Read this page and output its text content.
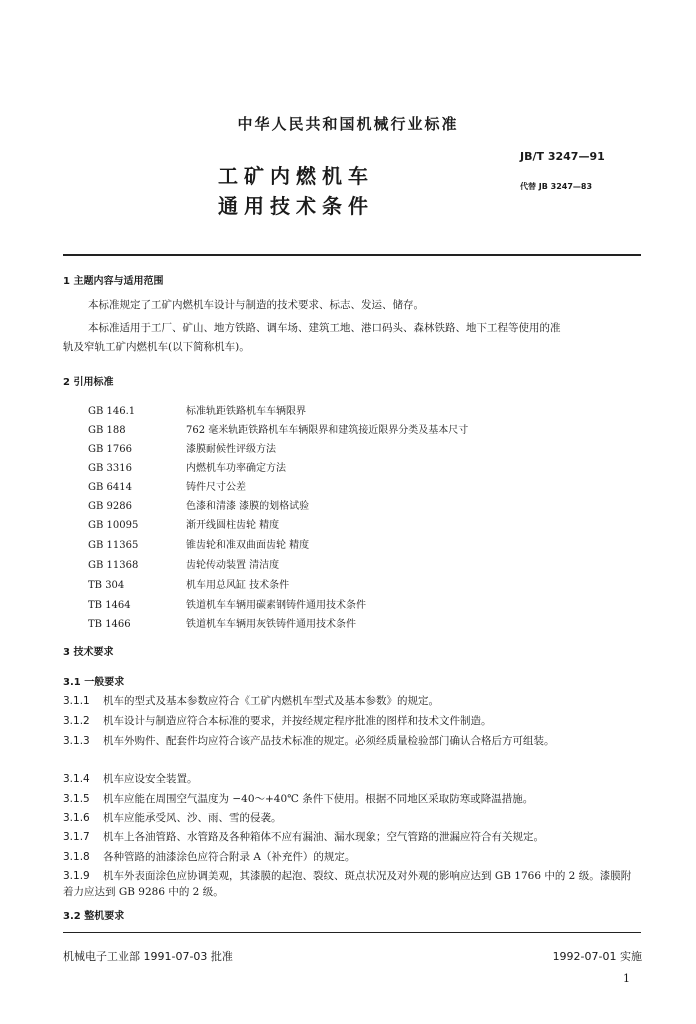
中华人民共和国机械行业标准
工矿内燃机车
通用技术条件
JB/T 3247—91
代替 JB 3247—83
1 主题内容与适用范围
本标准规定了工矿内燃机车设计与制造的技术要求、标志、发运、储存。
本标准适用于工厂、矿山、地方铁路、调车场、建筑工地、港口码头、森林铁路、地下工程等使用的准
轨及窄轨工矿内燃机车(以下简称机车)。
2 引用标准
GB 146.1	标准轨距铁路机车车辆限界
GB 188	762 毫米轨距铁路机车车辆限界和建筑接近限界分类及基本尺寸
GB 1766	漆膜耐候性评级方法
GB 3316	内燃机车功率确定方法
GB 6414	铸件尺寸公差
GB 9286	色漆和清漆 漆膜的划格试验
GB 10095	渐开线圆柱齿轮 精度
GB 11365	锥齿轮和准双曲面齿轮 精度
GB 11368	齿轮传动装置 清洁度
TB 304	机车用总风缸 技术条件
TB 1464	铁道机车车辆用碳素钢铸件通用技术条件
TB 1466	铁道机车车辆用灰铁铸件通用技术条件
3 技术要求
3.1 一般要求
3.1.1 机车的型式及基本参数应符合《工矿内燃机车型式及基本参数》的规定。
3.1.2 机车设计与制造应符合本标准的要求，并按经规定程序批准的图样和技术文件制造。
3.1.3 机车外购件、配套件均应符合该产品技术标准的规定。必须经质量检验部门确认合格后方可组装。
3.1.4 机车应设安全装置。
3.1.5 机车应能在周围空气温度为 −40～+40℃ 条件下使用。根据不同地区采取防寒或降温措施。
3.1.6 机车应能承受风、沙、雨、雪的侵袭。
3.1.7 机车上各油管路、水管路及各种箱体不应有漏油、漏水现象；空气管路的泄漏应符合有关规定。
3.1.8 各种管路的油漆涂色应符合附录 A（补充件）的规定。
3.1.9 机车外表面涂色应协调美观，其漆膜的起泡、裂纹、斑点状况及对外观的影响应达到 GB 1766 中的 2 级。漆膜附着力应达到 GB 9286 中的 2 级。
3.2 整机要求
机械电子工业部 1991-07-03 批准	1992-07-01 实施
1
